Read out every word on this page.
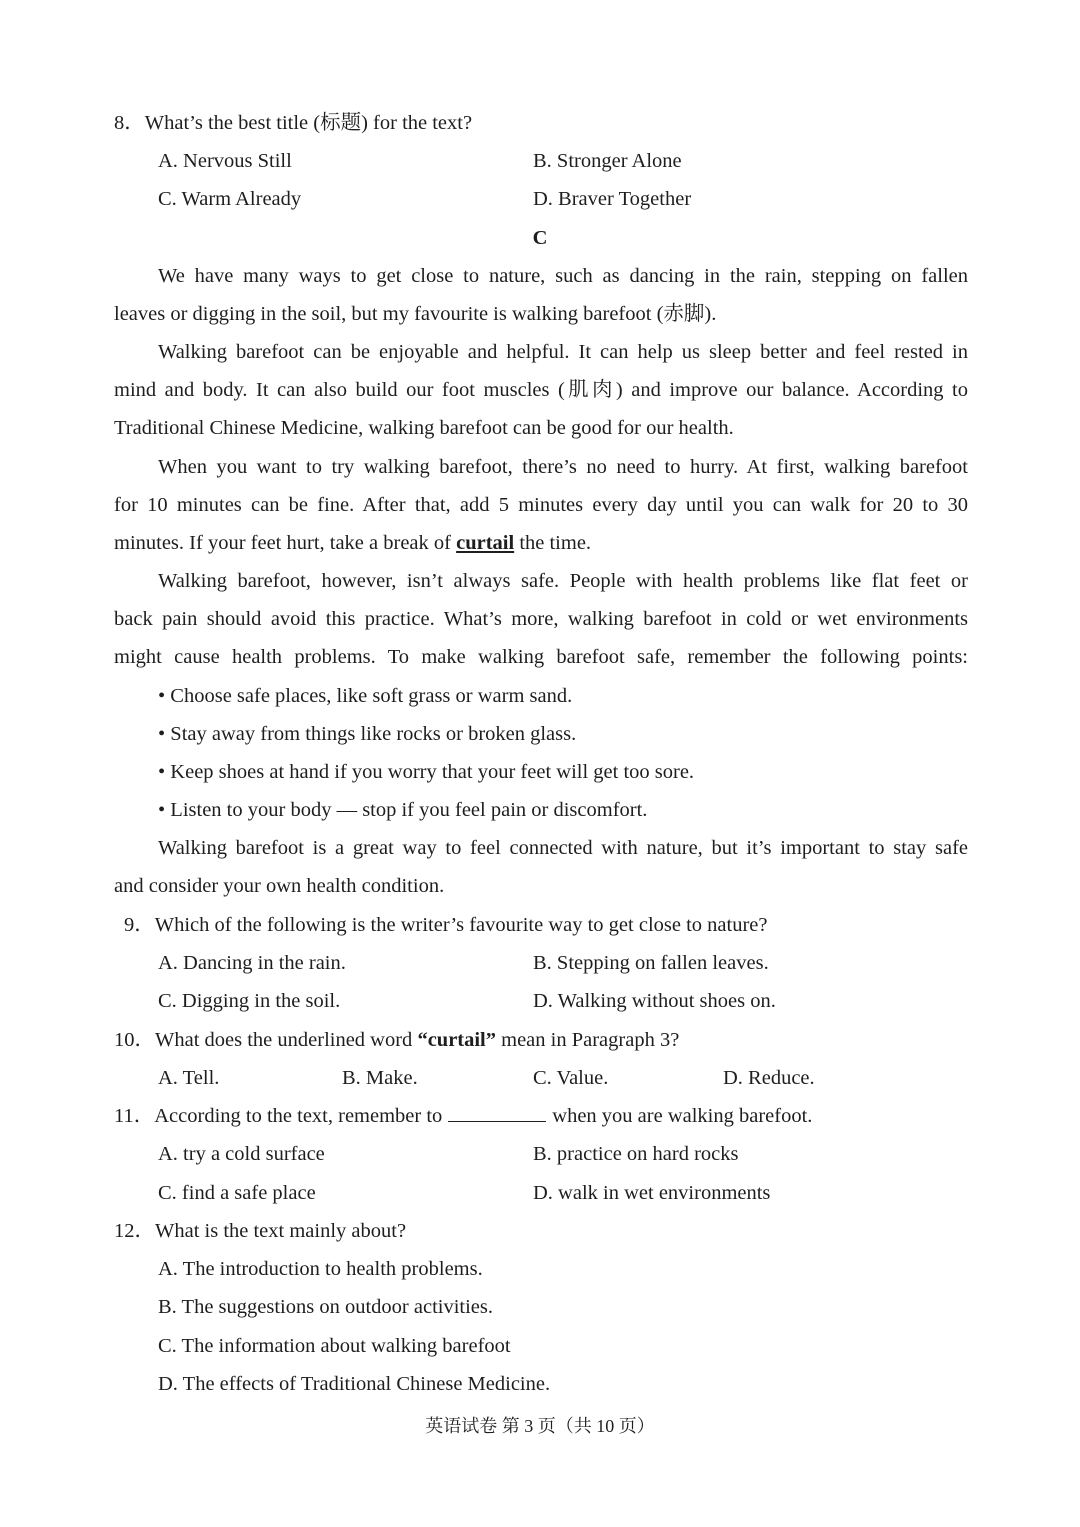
8．What’s the best title (标题) for the text?
A. Nervous Still	B. Stronger Alone
C. Warm Already	D. Braver Together
C
We have many ways to get close to nature, such as dancing in the rain, stepping on fallen
leaves or digging in the soil, but my favourite is walking barefoot (赤脚).
Walking barefoot can be enjoyable and helpful. It can help us sleep better and feel rested in
mind and body. It can also build our foot muscles (肌肉) and improve our balance. According to
Traditional Chinese Medicine, walking barefoot can be good for our health.
When you want to try walking barefoot, there’s no need to hurry. At first, walking barefoot
for 10 minutes can be fine. After that, add 5 minutes every day until you can walk for 20 to 30
minutes. If your feet hurt, take a break of curtail the time.
Walking barefoot, however, isn’t always safe. People with health problems like flat feet or
back pain should avoid this practice. What’s more, walking barefoot in cold or wet environments
might cause health problems. To make walking barefoot safe, remember the following points:
• Choose safe places, like soft grass or warm sand.
• Stay away from things like rocks or broken glass.
• Keep shoes at hand if you worry that your feet will get too sore.
• Listen to your body — stop if you feel pain or discomfort.
Walking barefoot is a great way to feel connected with nature, but it’s important to stay safe
and consider your own health condition.
9．Which of the following is the writer’s favourite way to get close to nature?
A. Dancing in the rain.	B. Stepping on fallen leaves.
C. Digging in the soil.	D. Walking without shoes on.
10．What does the underlined word “curtail” mean in Paragraph 3?
A. Tell.	B. Make.	C. Value.	D. Reduce.
11．According to the text, remember to	when you are walking barefoot.
A. try a cold surface	B. practice on hard rocks
C. find a safe place	D. walk in wet environments
12．What is the text mainly about?
A. The introduction to health problems.
B. The suggestions on outdoor activities.
C. The information about walking barefoot
D. The effects of Traditional Chinese Medicine.
英语试卷 第 3 页（共 10 页）
